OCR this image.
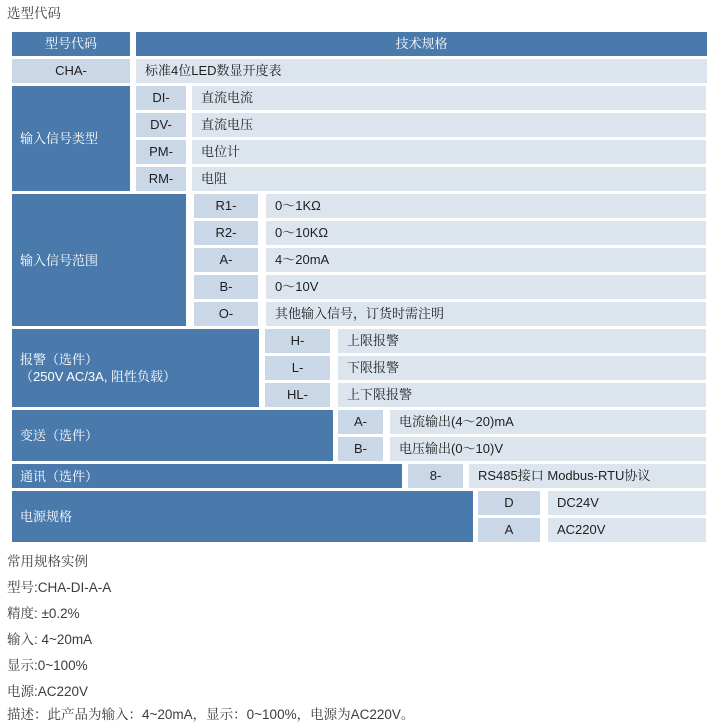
选型代码
型号代码	技术规格
CHA-	标准4位LED数显开度表
输入信号类型
DI-	直流电流
DV-	直流电压
PM-	电位计
RM-	电阻
输入信号范围
R1-	0～1KΩ
R2-	0～10KΩ
A-	4～20mA
B-	0～10V
O-	其他输入信号，订货时需注明
报警（选件）
（250V AC/3A, 阻性负载）
H-	上限报警
L-	下限报警
HL-	上下限报警
变送（选件）
A-	电流输出(4～20)mA
B-	电压输出(0～10)V
通讯（选件）	8-	RS485接口 Modbus-RTU协议
电源规格
D	DC24V
A	AC220V
常用规格实例
型号:CHA-DI-A-A
精度: ±0.2%
输入: 4~20mA
显示:0~100%
电源:AC220V
描述：此产品为输入：4~20mA，显示：0~100%，电源为AC220V。
